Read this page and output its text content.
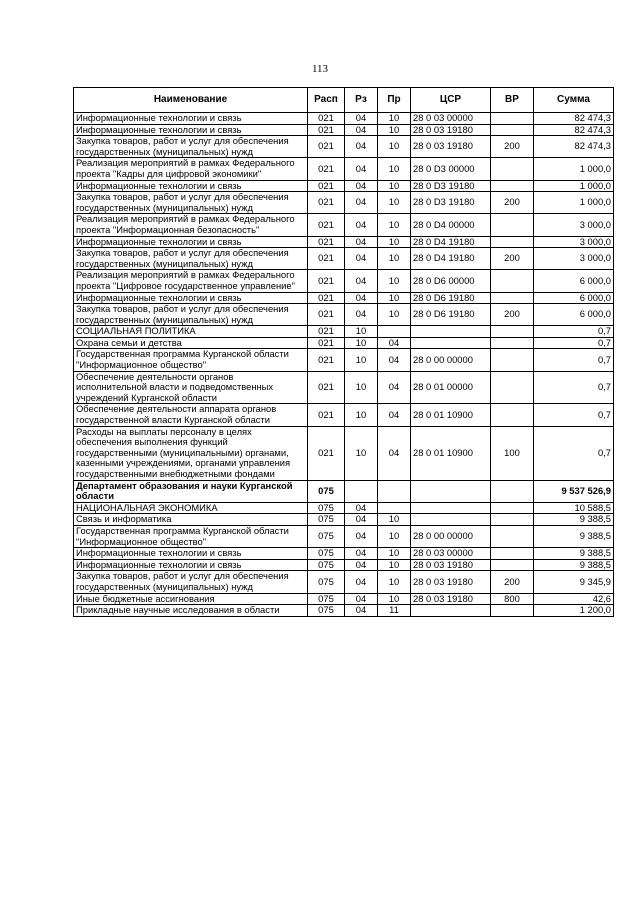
113
Наименование	Расп	Рз	Пр	ЦСР	ВР	Сумма
Информационные технологии и связь	021	04	10	28 0 03 00000		82 474,3
Информационные технологии и связь	021	04	10	28 0 03 19180		82 474,3
Закупка товаров, работ и услуг для обеспечения государственных (муниципальных) нужд	021	04	10	28 0 03 19180	200	82 474,3
Реализация мероприятий в рамках Федерального проекта "Кадры для цифровой экономики"	021	04	10	28 0 D3 00000		1 000,0
Информационные технологии и связь	021	04	10	28 0 D3 19180		1 000,0
Закупка товаров, работ и услуг для обеспечения государственных (муниципальных) нужд	021	04	10	28 0 D3 19180	200	1 000,0
Реализация мероприятий в рамках Федерального проекта "Информационная безопасность"	021	04	10	28 0 D4 00000		3 000,0
Информационные технологии и связь	021	04	10	28 0 D4 19180		3 000,0
Закупка товаров, работ и услуг для обеспечения государственных (муниципальных) нужд	021	04	10	28 0 D4 19180	200	3 000,0
Реализация мероприятий в рамках Федерального проекта "Цифровое государственное управление"	021	04	10	28 0 D6 00000		6 000,0
Информационные технологии и связь	021	04	10	28 0 D6 19180		6 000,0
Закупка товаров, работ и услуг для обеспечения государственных (муниципальных) нужд	021	04	10	28 0 D6 19180	200	6 000,0
СОЦИАЛЬНАЯ ПОЛИТИКА	021	10				0,7
Охрана семьи и детства	021	10	04			0,7
Государственная программа Курганской области "Информационное общество"	021	10	04	28 0 00 00000		0,7
Обеспечение деятельности органов исполнительной власти и подведомственных учреждений Курганской области	021	10	04	28 0 01 00000		0,7
Обеспечение деятельности аппарата органов государственной власти Курганской области	021	10	04	28 0 01 10900		0,7
Расходы на выплаты персоналу в целях обеспечения выполнения функций государственными (муниципальными) органами, казенными учреждениями, органами управления государственными внебюджетными фондами	021	10	04	28 0 01 10900	100	0,7
Департамент образования и науки Курганской области	075					9 537 526,9
НАЦИОНАЛЬНАЯ ЭКОНОМИКА	075	04				10 588,5
Связь и информатика	075	04	10			9 388,5
Государственная программа Курганской области "Информационное общество"	075	04	10	28 0 00 00000		9 388,5
Информационные технологии и связь	075	04	10	28 0 03 00000		9 388,5
Информационные технологии и связь	075	04	10	28 0 03 19180		9 388,5
Закупка товаров, работ и услуг для обеспечения государственных (муниципальных) нужд	075	04	10	28 0 03 19180	200	9 345,9
Иные бюджетные ассигнования	075	04	10	28 0 03 19180	800	42,6
Прикладные научные исследования в области	075	04	11			1 200,0
